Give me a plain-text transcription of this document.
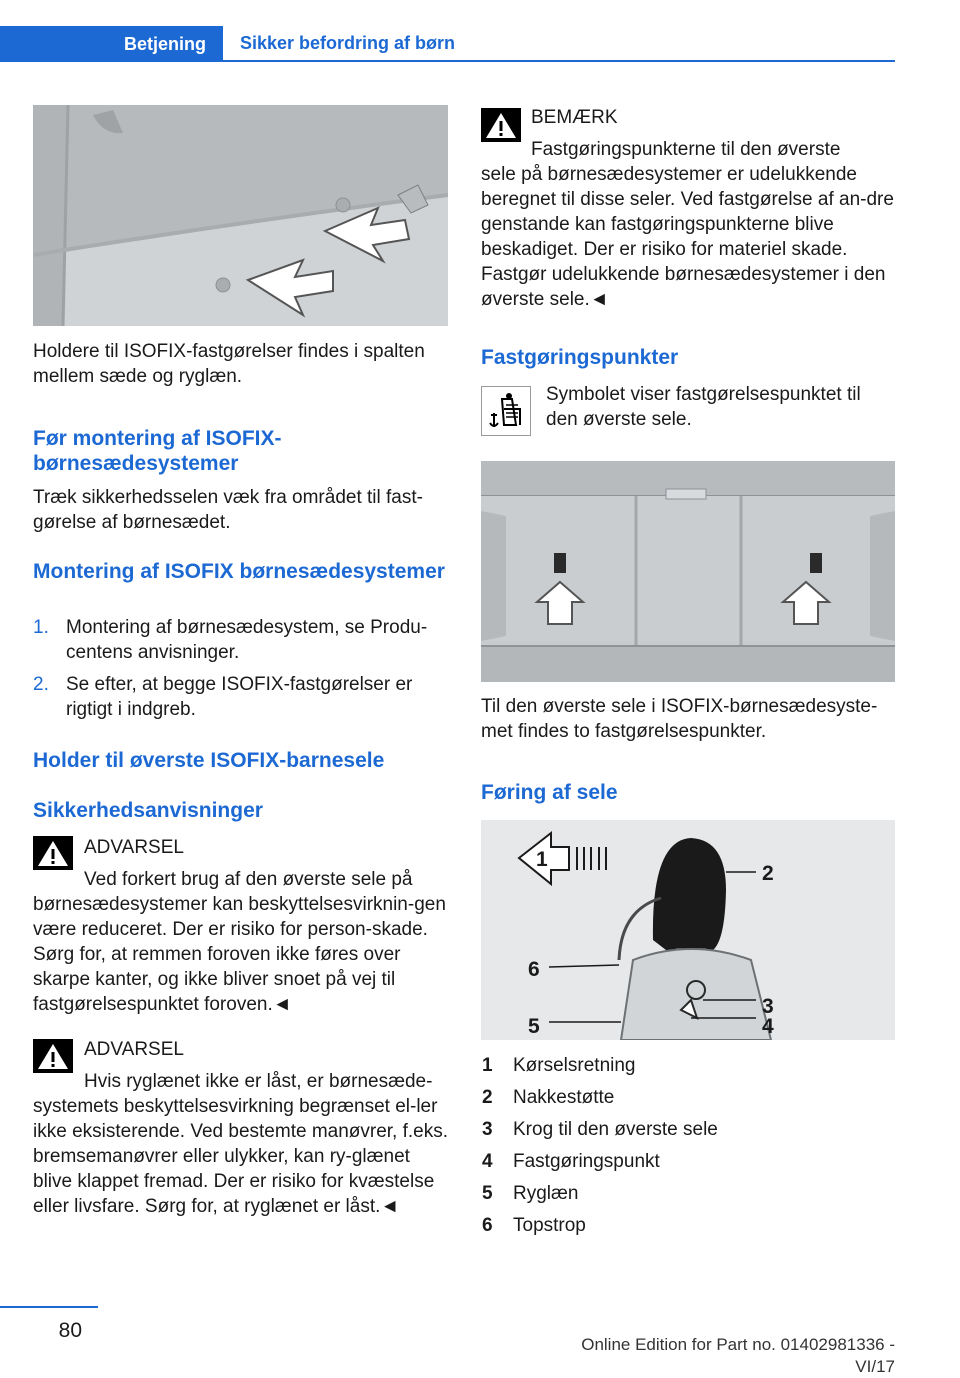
Betjening	Sikker befordring af børn

Holdere til ISOFIX-fastgørelser findes i spalten mellem sæde og ryglæn.

Før montering af ISOFIX-børnesædesystemer

Træk sikkerhedsselen væk fra området til fast-gørelse af børnesædet.

Montering af ISOFIX børnesædesystemer
1. Montering af børnesædesystem, se Produ-centens anvisninger.
2. Se efter, at begge ISOFIX-fastgørelser er rigtigt i indgreb.
Holder til øverste ISOFIX-barnesele
Sikkerhedsanvisninger
ADVARSEL
Ved forkert brug af den øverste sele på

børnesædesystemer kan beskyttelsesvirknin-gen være reduceret. Der er risiko for person-skade. Sørg for, at remmen foroven ikke føres over skarpe kanter, og ikke bliver snoet på vej til fastgørelsespunktet foroven.◄

ADVARSEL
Hvis ryglænet ikke er låst, er børnesæde-

systemets beskyttelsesvirkning begrænset el-ler ikke eksisterende. Ved bestemte manøvrer, f.eks. bremsemanøvrer eller ulykker, kan ry-glænet blive klappet fremad. Der er risiko for kvæstelse eller livsfare. Sørg for, at ryglænet er låst.◄

BEMÆRK
Fastgøringspunkterne til den øverste

sele på børnesædesystemer er udelukkende beregnet til disse seler. Ved fastgørelse af an-dre genstande kan fastgøringspunkterne blive beskadiget. Der er risiko for materiel skade. Fastgør udelukkende børnesædesystemer i den øverste sele.◄

Fastgøringspunkter

Symbolet viser fastgørelsespunktet til den øverste sele.

Til den øverste sele i ISOFIX-børnesædesyste-met findes to fastgørelsespunkter.

Føring af sele
1
2
3
4
5
6
1 Kørselsretning
2 Nakkestøtte
3 Krog til den øverste sele
4 Fastgøringspunkt
5 Ryglæn
6 Topstrop
80
Online Edition for Part no. 01402981336 - VI/17
